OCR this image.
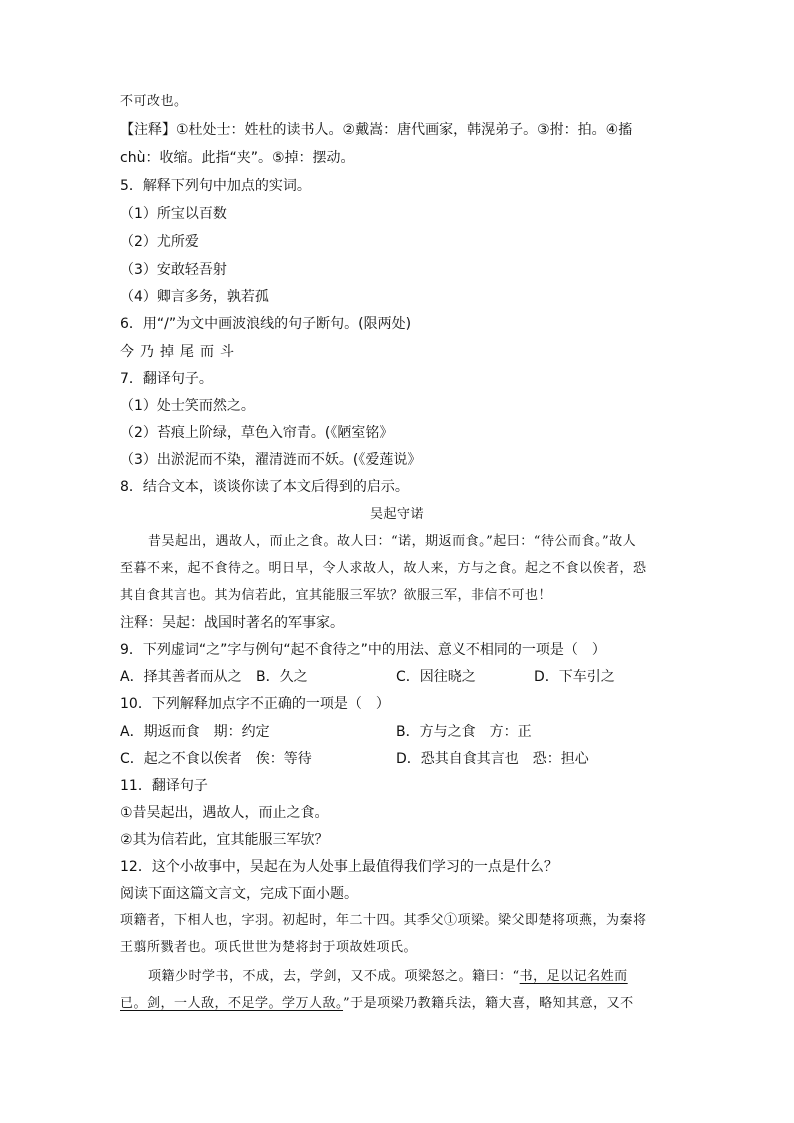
不可改也。
【注释】①杜处士：姓杜的读书人。②戴嵩：唐代画家，韩滉弟子。③拊：拍。④搐
chù：收缩。此指“夹”。⑤掉：摆动。
5．解释下列句中加点的实词。
（1）所宝以百数
（2）尤所爱
（3）安敢轻吾射
（4）卿言多务，孰若孤
6．用“/”为文中画波浪线的句子断句。(限两处)
今乃掉尾而斗
7．翻译句子。
（1）处士笑而然之。
（2）苔痕上阶绿，草色入帘青。(《陋室铭》
（3）出淤泥而不染，濯清涟而不妖。(《爱莲说》
8．结合文本，谈谈你读了本文后得到的启示。
吴起守诺
昔吴起出，遇故人，而止之食。故人曰：“诺，期返而食。”起曰：“待公而食。”故人
至暮不来，起不食待之。明日早，令人求故人，故人来，方与之食。起之不食以俟者，恐
其自食其言也。其为信若此，宜其能服三军欤？欲服三军，非信不可也！
注释：吴起：战国时著名的军事家。
9．下列虚词“之”字与例句“起不食待之”中的用法、意义不相同的一项是（　）
A．择其善者而从之 B．久之	C．因往晓之	D．下车引之
10．下列解释加点字不正确的一项是（　）
A．期返而食　期：约定	B．方与之食　方：正
C．起之不食以俟者　俟：等待	D．恐其自食其言也　恐：担心
11．翻译句子
①昔吴起出，遇故人，而止之食。
②其为信若此，宜其能服三军欤？
12．这个小故事中，吴起在为人处事上最值得我们学习的一点是什么？
阅读下面这篇文言文，完成下面小题。
项籍者，下相人也，字羽。初起时，年二十四。其季父①项梁。梁父即楚将项燕，为秦将
王翦所戮者也。项氏世世为楚将封于项故姓项氏。
项籍少时学书，不成，去，学剑，又不成。项梁怒之。籍曰：“书，足以记名姓而
已。剑，一人敌，不足学。学万人敌。”于是项梁乃教籍兵法，籍大喜，略知其意，又不
